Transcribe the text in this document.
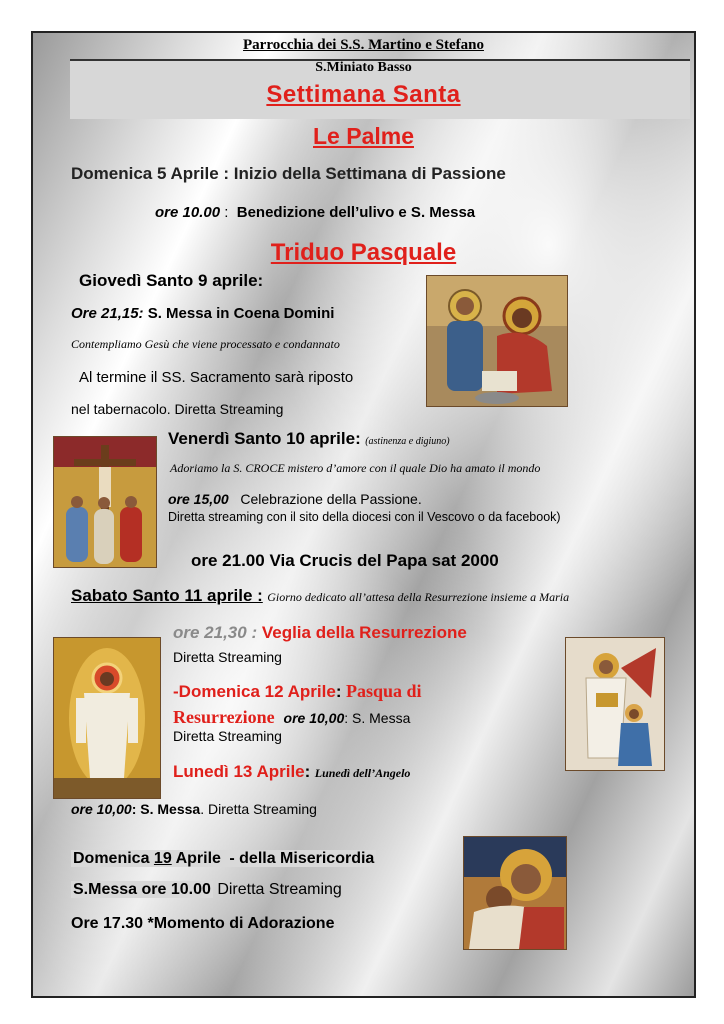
Parrocchia dei S.S. Martino e Stefano
S.Miniato Basso
Settimana Santa
Le Palme
Domenica 5 Aprile : Inizio della Settimana di Passione
ore 10.00 : Benedizione dell’ulivo e S. Messa
Triduo Pasquale
Giovedì Santo 9 aprile:
Ore 21,15: S. Messa in Coena Domini
Contempliamo Gesù che viene processato e condannato
Al termine il SS. Sacramento sarà riposto
nel tabernacolo. Diretta Streaming
Venerdì Santo 10 aprile: (astinenza e digiuno)
Adoriamo la S. CROCE mistero d’amore con il quale Dio ha amato il mondo
ore 15,00 Celebrazione della Passione.
Diretta streaming con il sito della diocesi con il Vescovo o da facebook)
ore 21.00 Via Crucis del Papa sat 2000
Sabato Santo 11 aprile : Giorno dedicato all’attesa della Resurrezione insieme a Maria
ore 21,30 : Veglia della Resurrezione
Diretta Streaming
-Domenica 12 Aprile: Pasqua di
Resurrezione ore 10,00: S. Messa
Diretta Streaming
Lunedì 13 Aprile: Lunedì dell’Angelo
ore 10,00: S. Messa. Diretta Streaming
Domenica 19 Aprile - della Misericordia
S.Messa ore 10.00 Diretta Streaming
Ore 17.30 *Momento di Adorazione
